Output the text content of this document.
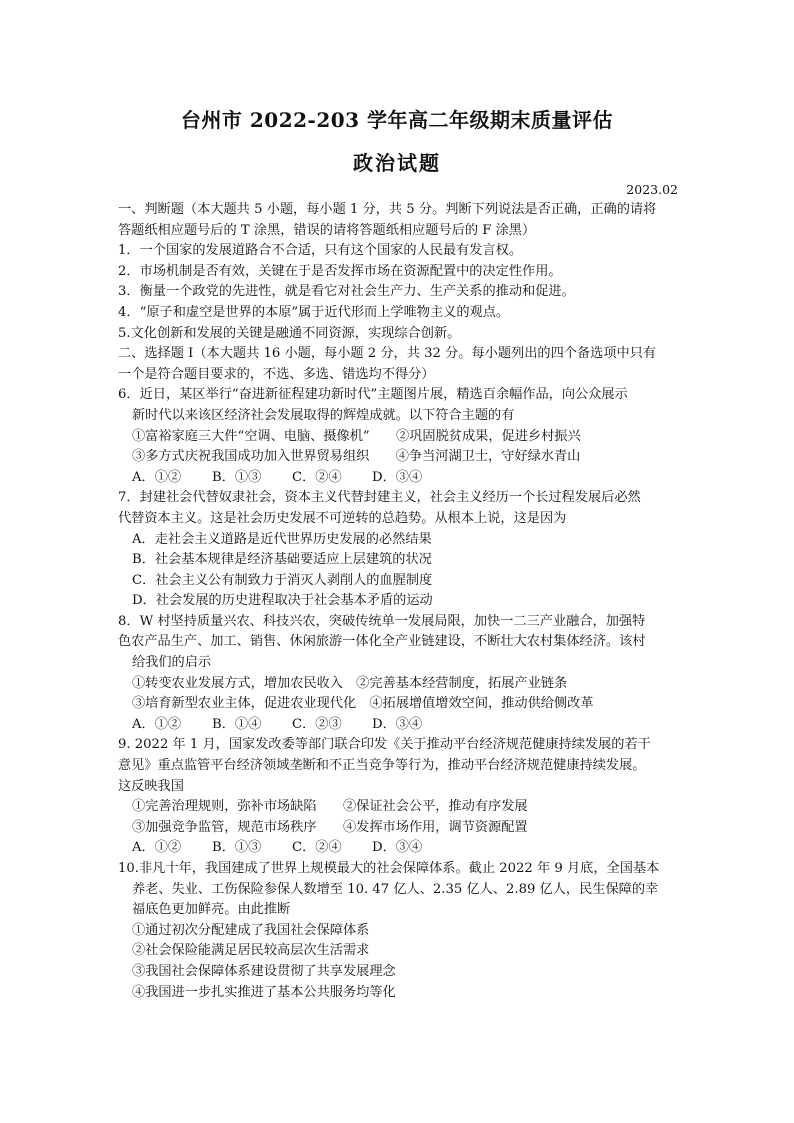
台州市 2022-203 学年高二年级期末质量评估
政治试题
2023.02
一、判断题（本大题共 5 小题，每小题 1 分，共 5 分。判断下列说法是否正确，正确的请将
答题纸相应题号后的 T 涂黑，错误的请将答题纸相应题号后的 F 涂黑）
1．一个国家的发展道路合不合适，只有这个国家的人民最有发言权。
2．市场机制是否有效，关键在于是否发挥市场在资源配置中的决定性作用。
3．衡量一个政党的先进性，就是看它对社会生产力、生产关系的推动和促进。
4．“原子和虚空是世界的本原”属于近代形而上学唯物主义的观点。
5.文化创新和发展的关键是融通不同资源，实现综合创新。
二、选择题 I（本大题共 16 小题，每小题 2 分，共 32 分。每小题列出的四个备选项中只有
一个是符合题目要求的，不选、多选、错选均不得分）
6．近日，某区举行“奋进新征程建功新时代”主题图片展，精选百余幅作品，向公众展示
新时代以来该区经济社会发展取得的辉煌成就。以下符合主题的有
①富裕家庭三大件“空调、电脑、摄像机”　　②巩固脱贫成果，促进乡村振兴
③多方式庆祝我国成功加入世界贸易组织　　④争当河湖卫士，守好绿水青山
A．①② B．①③ C．②④ D．③④
7．封建社会代替奴隶社会，资本主义代替封建主义，社会主义经历一个长过程发展后必然
代替资本主义。这是社会历史发展不可逆转的总趋势。从根本上说，这是因为
A．走社会主义道路是近代世界历史发展的必然结果
B．社会基本规律是经济基础要适应上层建筑的状况
C．社会主义公有制致力于消灭人剥削人的血腥制度
D．社会发展的历史进程取决于社会基本矛盾的运动
8．W 村坚持质量兴农、科技兴农，突破传统单一发展局限，加快一二三产业融合，加强特
色农产品生产、加工、销售、休闲旅游一体化全产业链建设，不断壮大农村集体经济。该村
给我们的启示
①转变农业发展方式，增加农民收入　②完善基本经营制度，拓展产业链条
③培育新型农业主体，促进农业现代化　④拓展增值增效空间，推动供给侧改革
A．①② B．①④ C．②③ D．③④
9. 2022 年 1 月，国家发改委等部门联合印发《关于推动平台经济规范健康持续发展的若干
意见》重点监管平台经济领域垄断和不正当竞争等行为，推动平台经济规范健康持续发展。
这反映我国
①完善治理规则，弥补市场缺陷　　②保证社会公平，推动有序发展
③加强竞争监管，规范市场秩序　　④发挥市场作用，调节资源配置
A．①② B．①③ C．②④ D．③④
10.非凡十年，我国建成了世界上规模最大的社会保障体系。截止 2022 年 9 月底，全国基本
养老、失业、工伤保险参保人数增至 10. 47 亿人、2.35 亿人、2.89 亿人，民生保障的幸
福底色更加鲜亮。由此推断
①通过初次分配建成了我国社会保障体系
②社会保险能满足居民较高层次生活需求
③我国社会保障体系建设贯彻了共享发展理念
④我国进一步扎实推进了基本公共服务均等化
